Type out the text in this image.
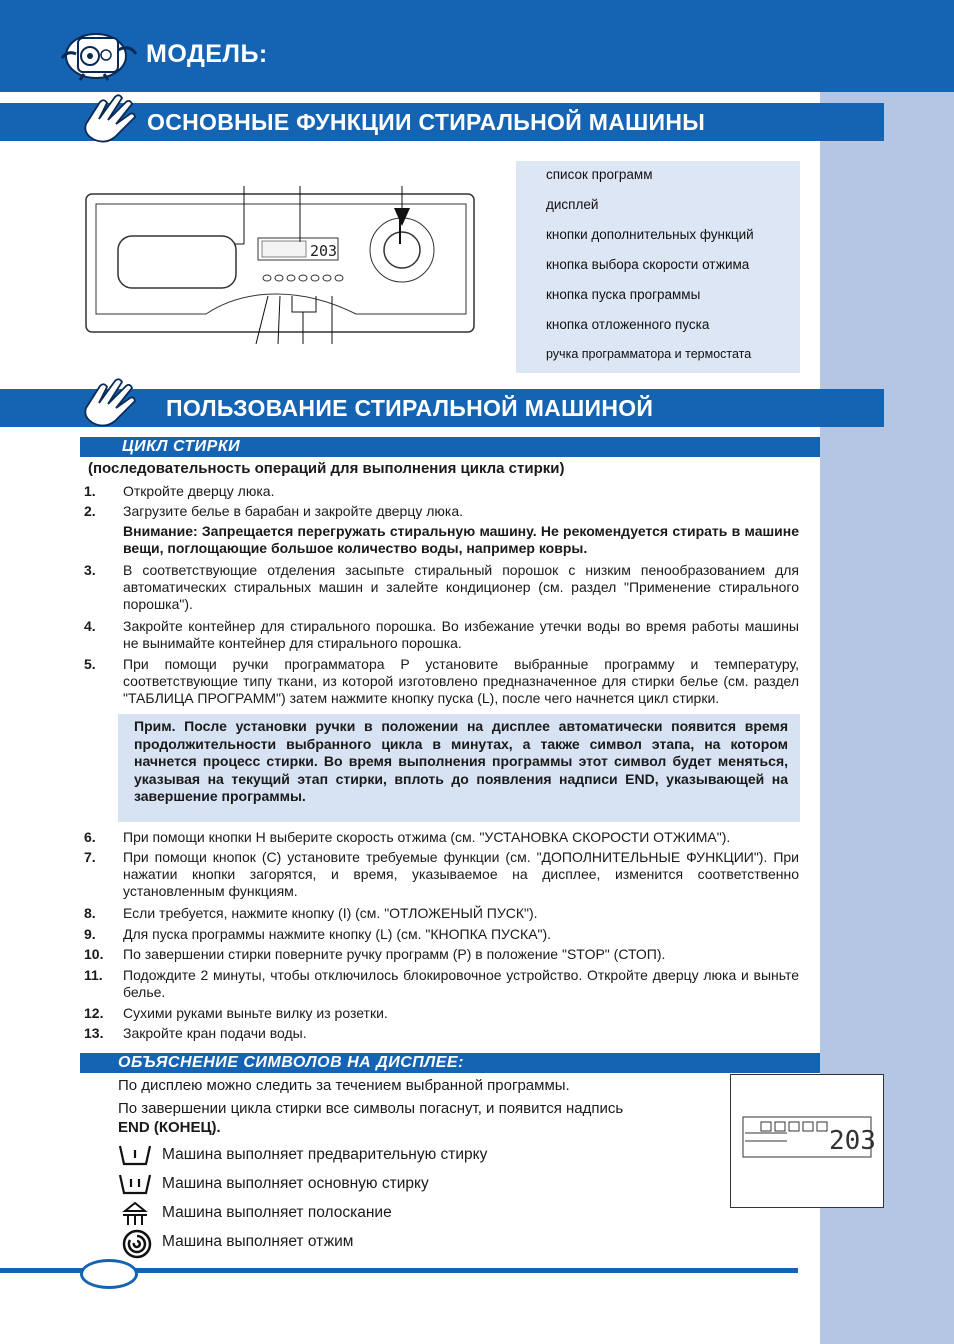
МОДЕЛЬ:
ОСНОВНЫЕ ФУНКЦИИ СТИРАЛЬНОЙ МАШИНЫ
203
список программ
дисплей
кнопки дополнительных функций
кнопка выбора скорости отжима
кнопка пуска программы
кнопка отложенного пуска
ручка программатора и термостата
ПОЛЬЗОВАНИЕ СТИРАЛЬНОЙ МАШИНОЙ
ЦИКЛ СТИРКИ
(последовательность операций для выполнения цикла стирки)
1. Откройте дверцу люка.
2. Загрузите белье в барабан и закройте дверцу люка.
Внимание: Запрещается перегружать стиральную машину. Не рекомендуется стирать в машине вещи, поглощающие большое количество воды, например ковры.
3. В соответствующие отделения засыпьте стиральный порошок с низким пенообразованием для автоматических стиральных машин и залейте кондиционер (см. раздел "Применение стирального порошка").
4. Закройте контейнер для стирального порошка. Во избежание утечки воды во время работы машины не вынимайте контейнер для стирального порошка.
5. При помощи ручки программатора P установите выбранные программу и температуру, соответствующие типу ткани, из которой изготовлено предназначенное для стирки белье (см. раздел "ТАБЛИЦА ПРОГРАММ") затем нажмите кнопку пуска (L), после чего начнется цикл стирки.
Прим. После установки ручки в положении на дисплее автоматически появится время продолжительности выбранного цикла в минутах, а также символ этапа, на котором начнется процесс стирки. Во время выполнения программы этот символ будет меняться, указывая на текущий этап стирки, вплоть до появления надписи END, указывающей на завершение программы.
6. При помощи кнопки H выберите скорость отжима (см. "УСТАНОВКА СКОРОСТИ ОТЖИМА").
7. При помощи кнопок (C) установите требуемые функции (см. "ДОПОЛНИТЕЛЬНЫЕ ФУНКЦИИ"). При нажатии кнопки загорятся, и время, указываемое на дисплее, изменится соответственно установленным функциям.
8. Если требуется, нажмите кнопку (I) (см. "ОТЛОЖЕНЫЙ ПУСК").
9. Для пуска программы нажмите кнопку (L) (см. "КНОПКА ПУСКА").
10. По завершении стирки поверните ручку программ (P) в положение "STOP" (СТОП).
11. Подождите 2 минуты, чтобы отключилось блокировочное устройство. Откройте дверцу люка и выньте белье.
12. Сухими руками выньте вилку из розетки.
13. Закройте кран подачи воды.
ОБЪЯСНЕНИЕ СИМВОЛОВ НА ДИСПЛЕЕ:
По дисплею можно следить за течением выбранной программы.
По завершении цикла стирки все символы погаснут, и появится надпись
END (КОНЕЦ).
Машина выполняет предварительную стирку
Машина выполняет основную стирку
Машина выполняет полоскание
Машина выполняет отжим
203
